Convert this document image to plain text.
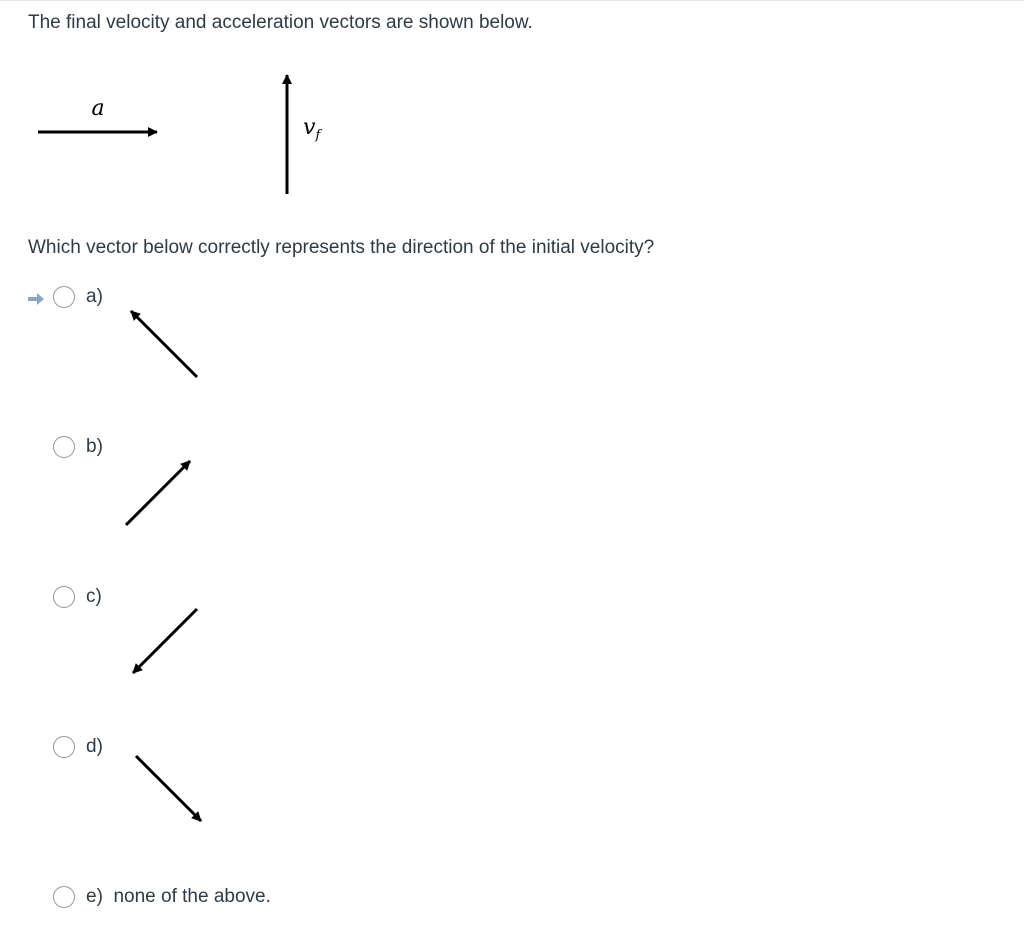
The final velocity and acceleration vectors are shown below.
a
$v_f$
Which vector below correctly represents the direction of the initial velocity?
a)
b)
c)
d)
e)  none of the above.
